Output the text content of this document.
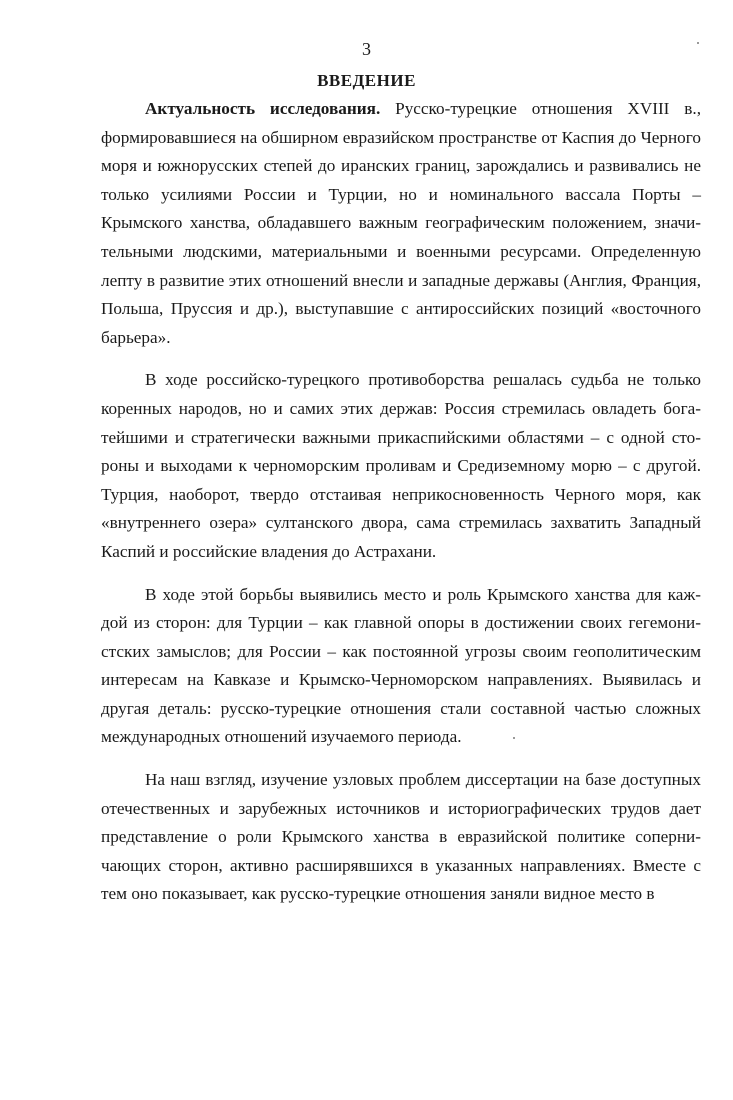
3
ВВЕДЕНИЕ

Актуальность исследования. Русско-турецкие отношения XVIII в., формировавшиеся на обширном евразийском пространстве от Каспия до Черного моря и южнорусских степей до иранских границ, зарождались и развивались не только усилиями России и Турции, но и номинального вассала Порты – Крымского ханства, обладавшего важным географическим положением, значительными людскими, материальными и военными ресурсами. Определенную лепту в развитие этих отношений внесли и западные державы (Англия, Франция, Польша, Пруссия и др.), выступавшие с антироссийских позиций «восточного барьера».

В ходе российско-турецкого противоборства решалась судьба не только коренных народов, но и самих этих держав: Россия стремилась овладеть богатейшими и стратегически важными прикаспийскими областями – с одной стороны и выходами к черноморским проливам и Средиземному морю – с другой. Турция, наоборот, твердо отстаивая неприкосновенность Черного моря, как «внутреннего озера» султанского двора, сама стремилась захватить Западный Каспий и российские владения до Астрахани.

В ходе этой борьбы выявились место и роль Крымского ханства для каждой из сторон: для Турции – как главной опоры в достижении своих гегемонистских замыслов; для России – как постоянной угрозы своим геополитическим интересам на Кавказе и Крымско-Черноморском направлениях. Выявилась и другая деталь: русско-турецкие отношения стали составной частью сложных международных отношений изучаемого периода.

На наш взгляд, изучение узловых проблем диссертации на базе доступных отечественных и зарубежных источников и историографических трудов дает представление о роли Крымского ханства в евразийской политике соперничающих сторон, активно расширявшихся в указанных направлениях. Вместе с тем оно показывает, как русско-турецкие отношения заняли видное место в
